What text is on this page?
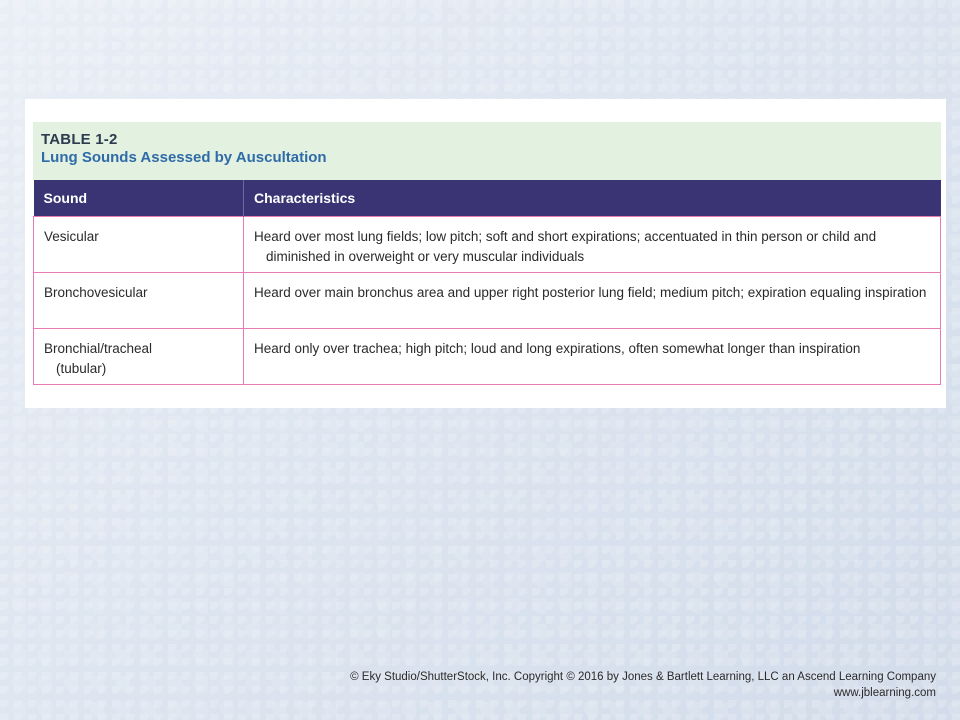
TABLE 1-2
Lung Sounds Assessed by Auscultation
Sound	Characteristics

Vesicular	Heard over most lung fields; low pitch; soft and short expirations; accentuated in thin person or child and diminished in overweight or very muscular individuals

Bronchovesicular	Heard over main bronchus area and upper right posterior lung field; medium pitch; expiration equaling inspiration

Bronchial/tracheal (tubular)	Heard only over trachea; high pitch; loud and long expirations, often somewhat longer than inspiration
© Eky Studio/ShutterStock, Inc. Copyright © 2016 by Jones & Bartlett Learning, LLC an Ascend Learning Company
www.jblearning.com
